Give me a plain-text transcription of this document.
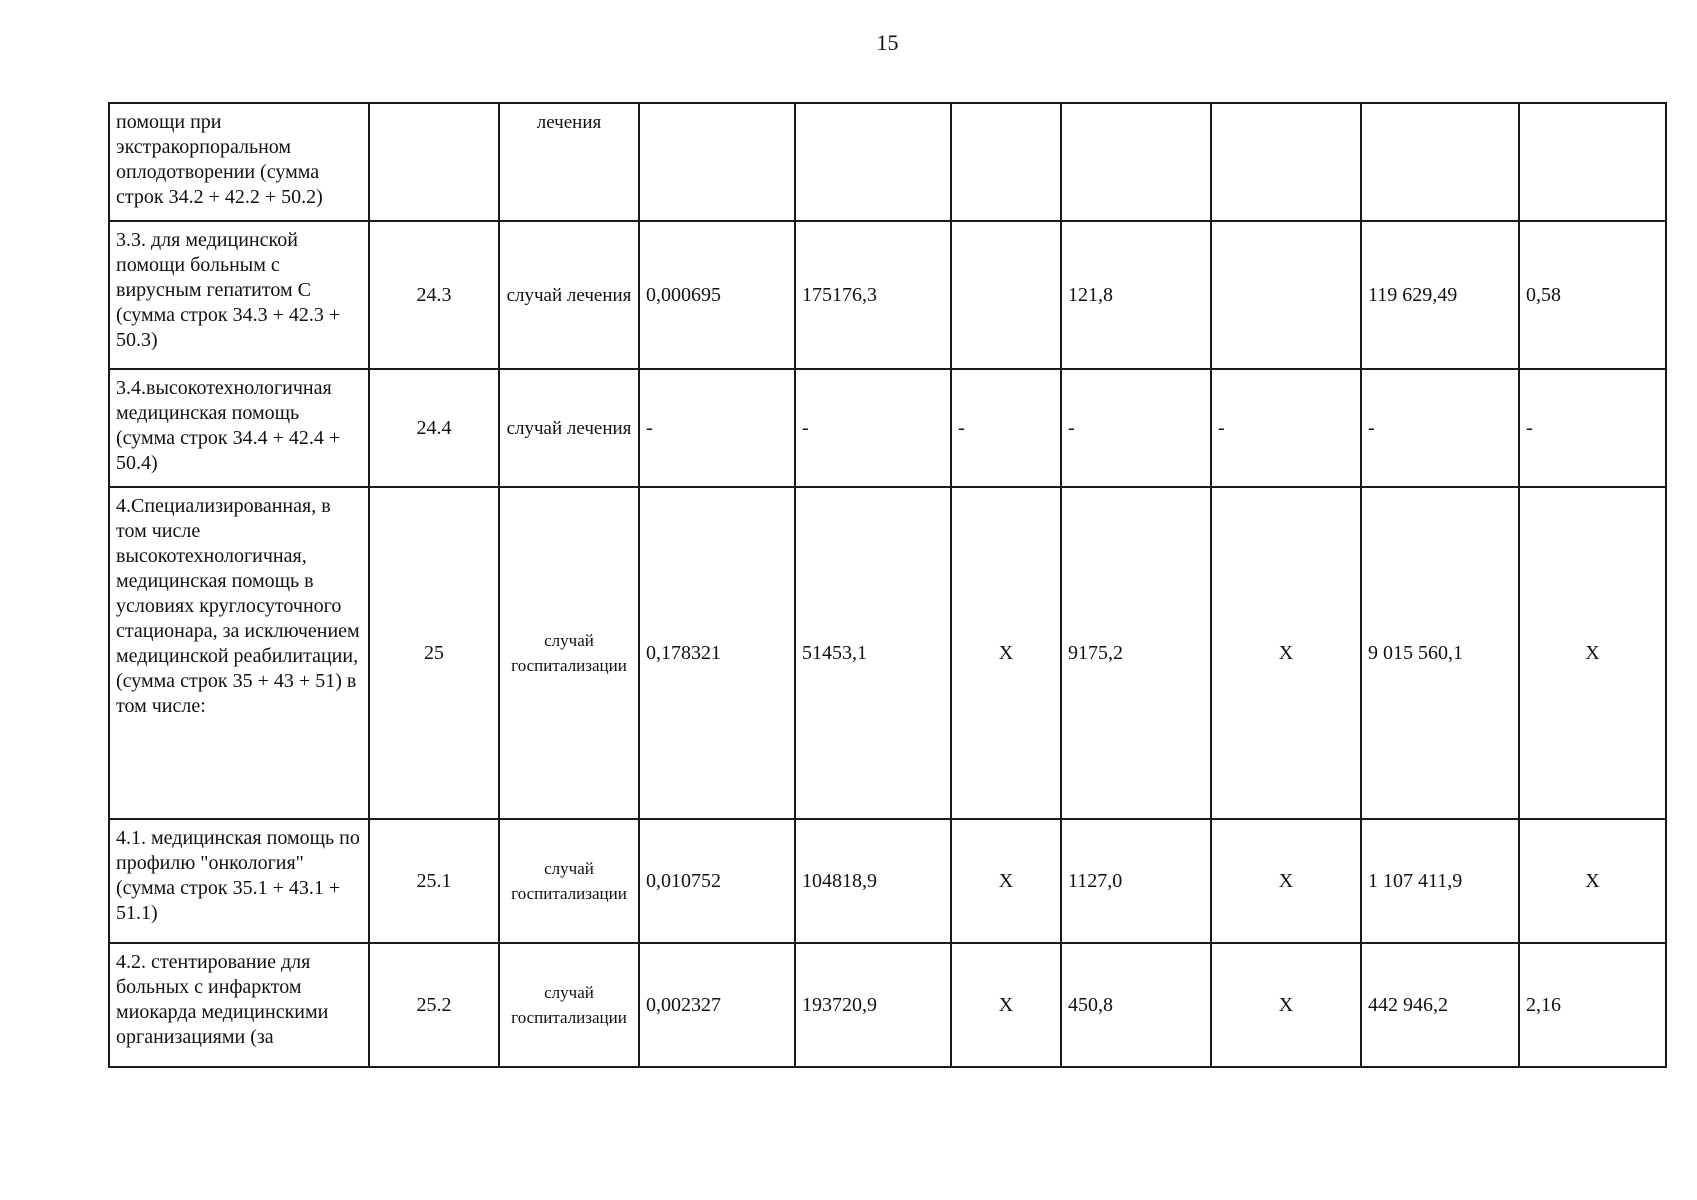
15
помощи при экстракорпоральном оплодотворении (сумма строк 34.2 + 42.2 + 50.2)		лечения							
3.3. для медицинской помощи больным с вирусным гепатитом С (сумма строк 34.3 + 42.3 + 50.3)	24.3	случай лечения	0,000695	175176,3		121,8		119 629,49	0,58
3.4.высокотехнологичная медицинская помощь (сумма строк 34.4 + 42.4 + 50.4)	24.4	случай лечения	-	-	-	-	-	-	-
4.Специализированная, в том числе высокотехнологичная, медицинская помощь в условиях круглосуточного стационара, за исключением медицинской реабилитации, (сумма строк 35 + 43 + 51) в том числе:	25	случай госпитализации	0,178321	51453,1	X	9175,2	X	9 015 560,1	X
4.1. медицинская помощь по профилю "онкология" (сумма строк 35.1 + 43.1 + 51.1)	25.1	случай госпитализации	0,010752	104818,9	X	1127,0	X	1 107 411,9	X
4.2. стентирование для больных с инфарктом миокарда медицинскими организациями (за	25.2	случай госпитализации	0,002327	193720,9	X	450,8	X	442 946,2	2,16
